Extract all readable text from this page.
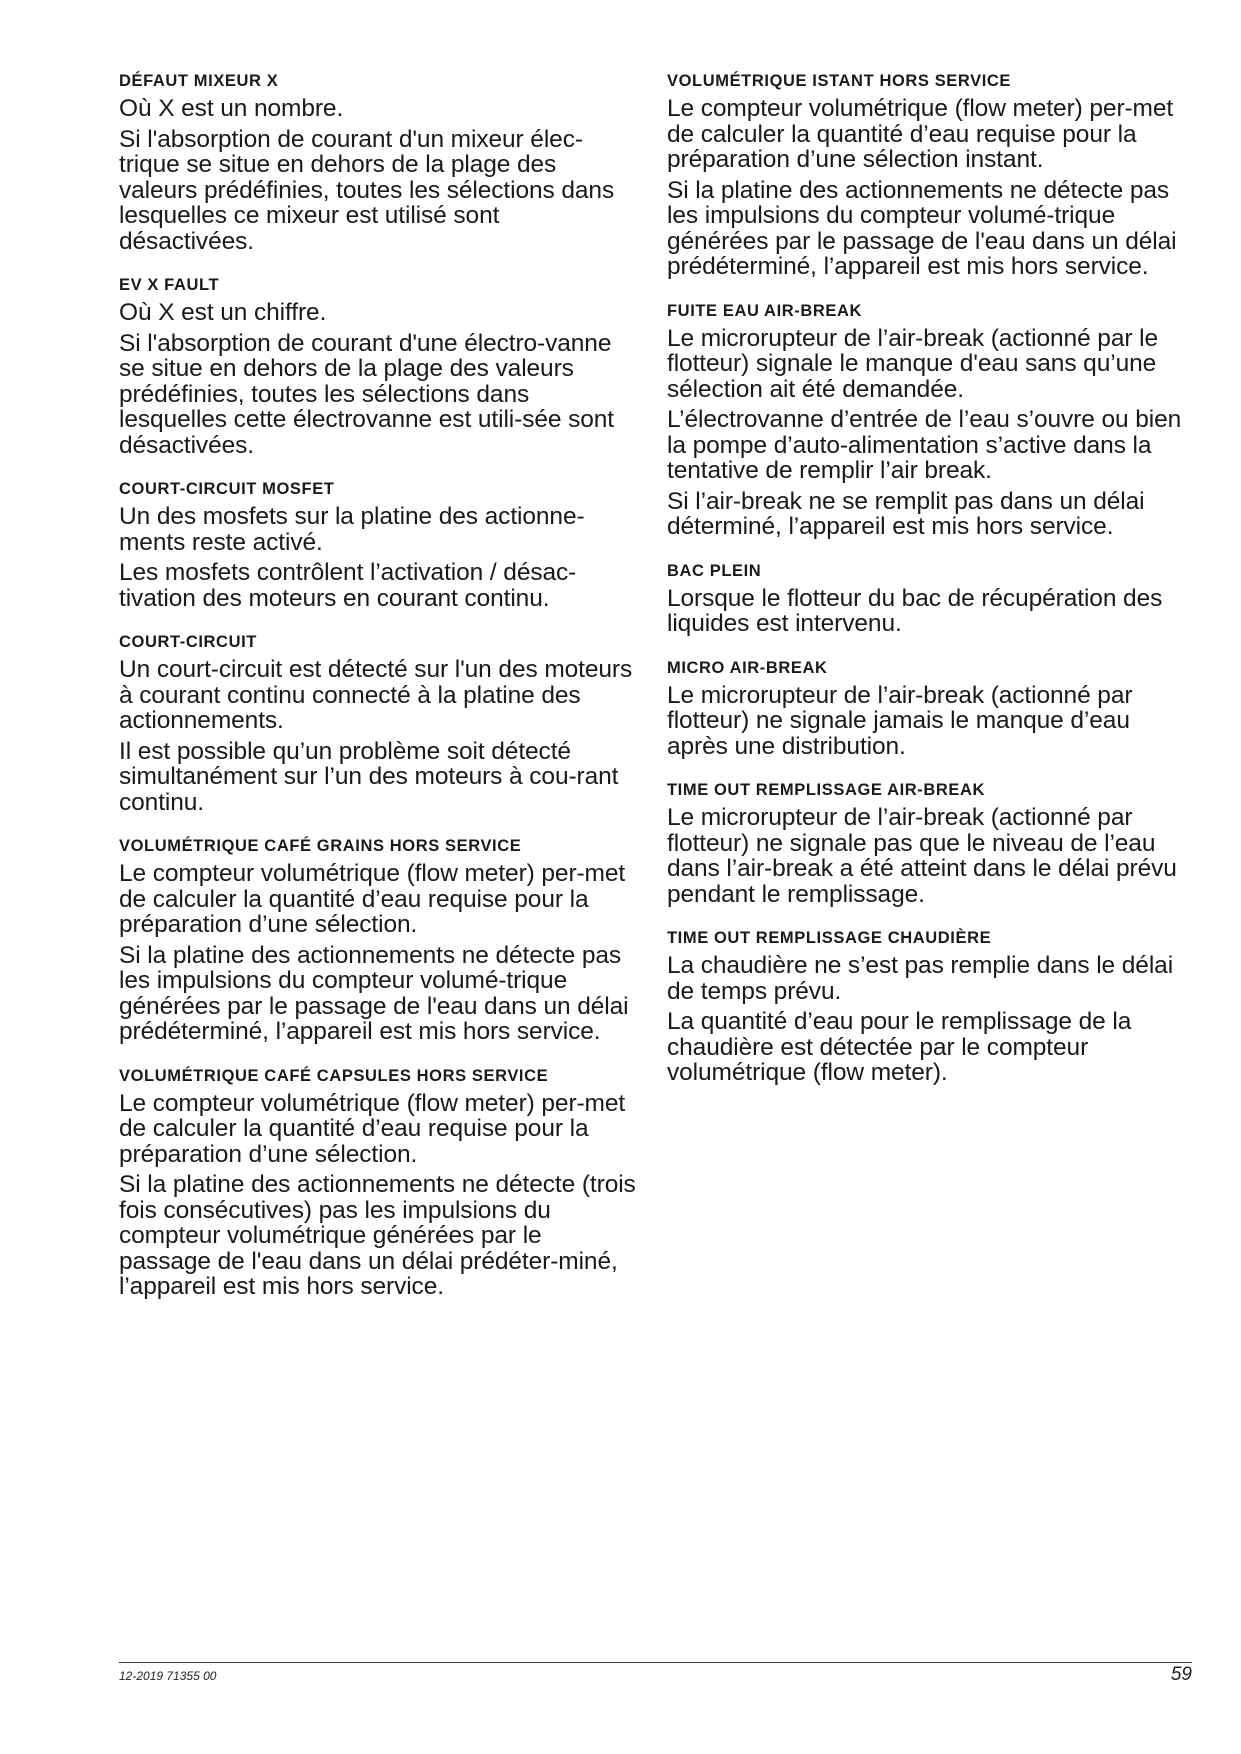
DÉFAUT MIXEUR X
Où X est un nombre.
Si l'absorption de courant d'un mixeur élec-trique se situe en dehors de la plage des valeurs prédéfinies, toutes les sélections dans lesquelles ce mixeur est utilisé sont désactivées.
EV X FAULT
Où X est un chiffre.
Si l'absorption de courant d'une électro-vanne se situe en dehors de la plage des valeurs prédéfinies, toutes les sélections dans lesquelles cette électrovanne est utili-sée sont désactivées.
COURT-CIRCUIT MOSFET
Un des mosfets sur la platine des actionne-ments reste activé.
Les mosfets contrôlent l’activation / désac-tivation des moteurs en courant continu.
COURT-CIRCUIT
Un court-circuit est détecté sur l'un des moteurs à courant continu connecté à la platine des actionnements.
Il est possible qu’un problème soit détecté simultanément sur l’un des moteurs à cou-rant continu.
VOLUMÉTRIQUE CAFÉ GRAINS HORS SERVICE
Le compteur volumétrique (flow meter) per-met de calculer la quantité d’eau requise pour la préparation d’une sélection.
Si la platine des actionnements ne détecte pas les impulsions du compteur volumé-trique générées par le passage de l'eau dans un délai prédéterminé, l’appareil est mis hors service.
VOLUMÉTRIQUE CAFÉ CAPSULES HORS SERVICE
Le compteur volumétrique (flow meter) per-met de calculer la quantité d’eau requise pour la préparation d’une sélection.
Si la platine des actionnements ne détecte (trois fois consécutives) pas les impulsions du compteur volumétrique générées par le passage de l'eau dans un délai prédéter-miné, l’appareil est mis hors service.
VOLUMÉTRIQUE ISTANT HORS SERVICE
Le compteur volumétrique (flow meter) per-met de calculer la quantité d’eau requise pour la préparation d’une sélection instant.
Si la platine des actionnements ne détecte pas les impulsions du compteur volumé-trique générées par le passage de l'eau dans un délai prédéterminé, l’appareil est mis hors service.
FUITE EAU AIR-BREAK
Le microrupteur de l’air-break (actionné par le flotteur) signale le manque d'eau sans qu’une sélection ait été demandée.
L’électrovanne d’entrée de l’eau s’ouvre ou bien la pompe d’auto-alimentation s’active dans la tentative de remplir l’air break.
Si l’air-break ne se remplit pas dans un délai déterminé, l’appareil est mis hors service.
BAC PLEIN
Lorsque le flotteur du bac de récupération des liquides est intervenu.
MICRO AIR-BREAK
Le microrupteur de l’air-break (actionné par flotteur) ne signale jamais le manque d’eau après une distribution.
TIME OUT REMPLISSAGE AIR-BREAK
Le microrupteur de l’air-break (actionné par flotteur) ne signale pas que le niveau de l’eau dans l’air-break a été atteint dans le délai prévu pendant le remplissage.
TIME OUT REMPLISSAGE CHAUDIÈRE
La chaudière ne s’est pas remplie dans le délai de temps prévu.
La quantité d’eau pour le remplissage de la chaudière est détectée par le compteur volumétrique (flow meter).
12-2019 71355 00	59
